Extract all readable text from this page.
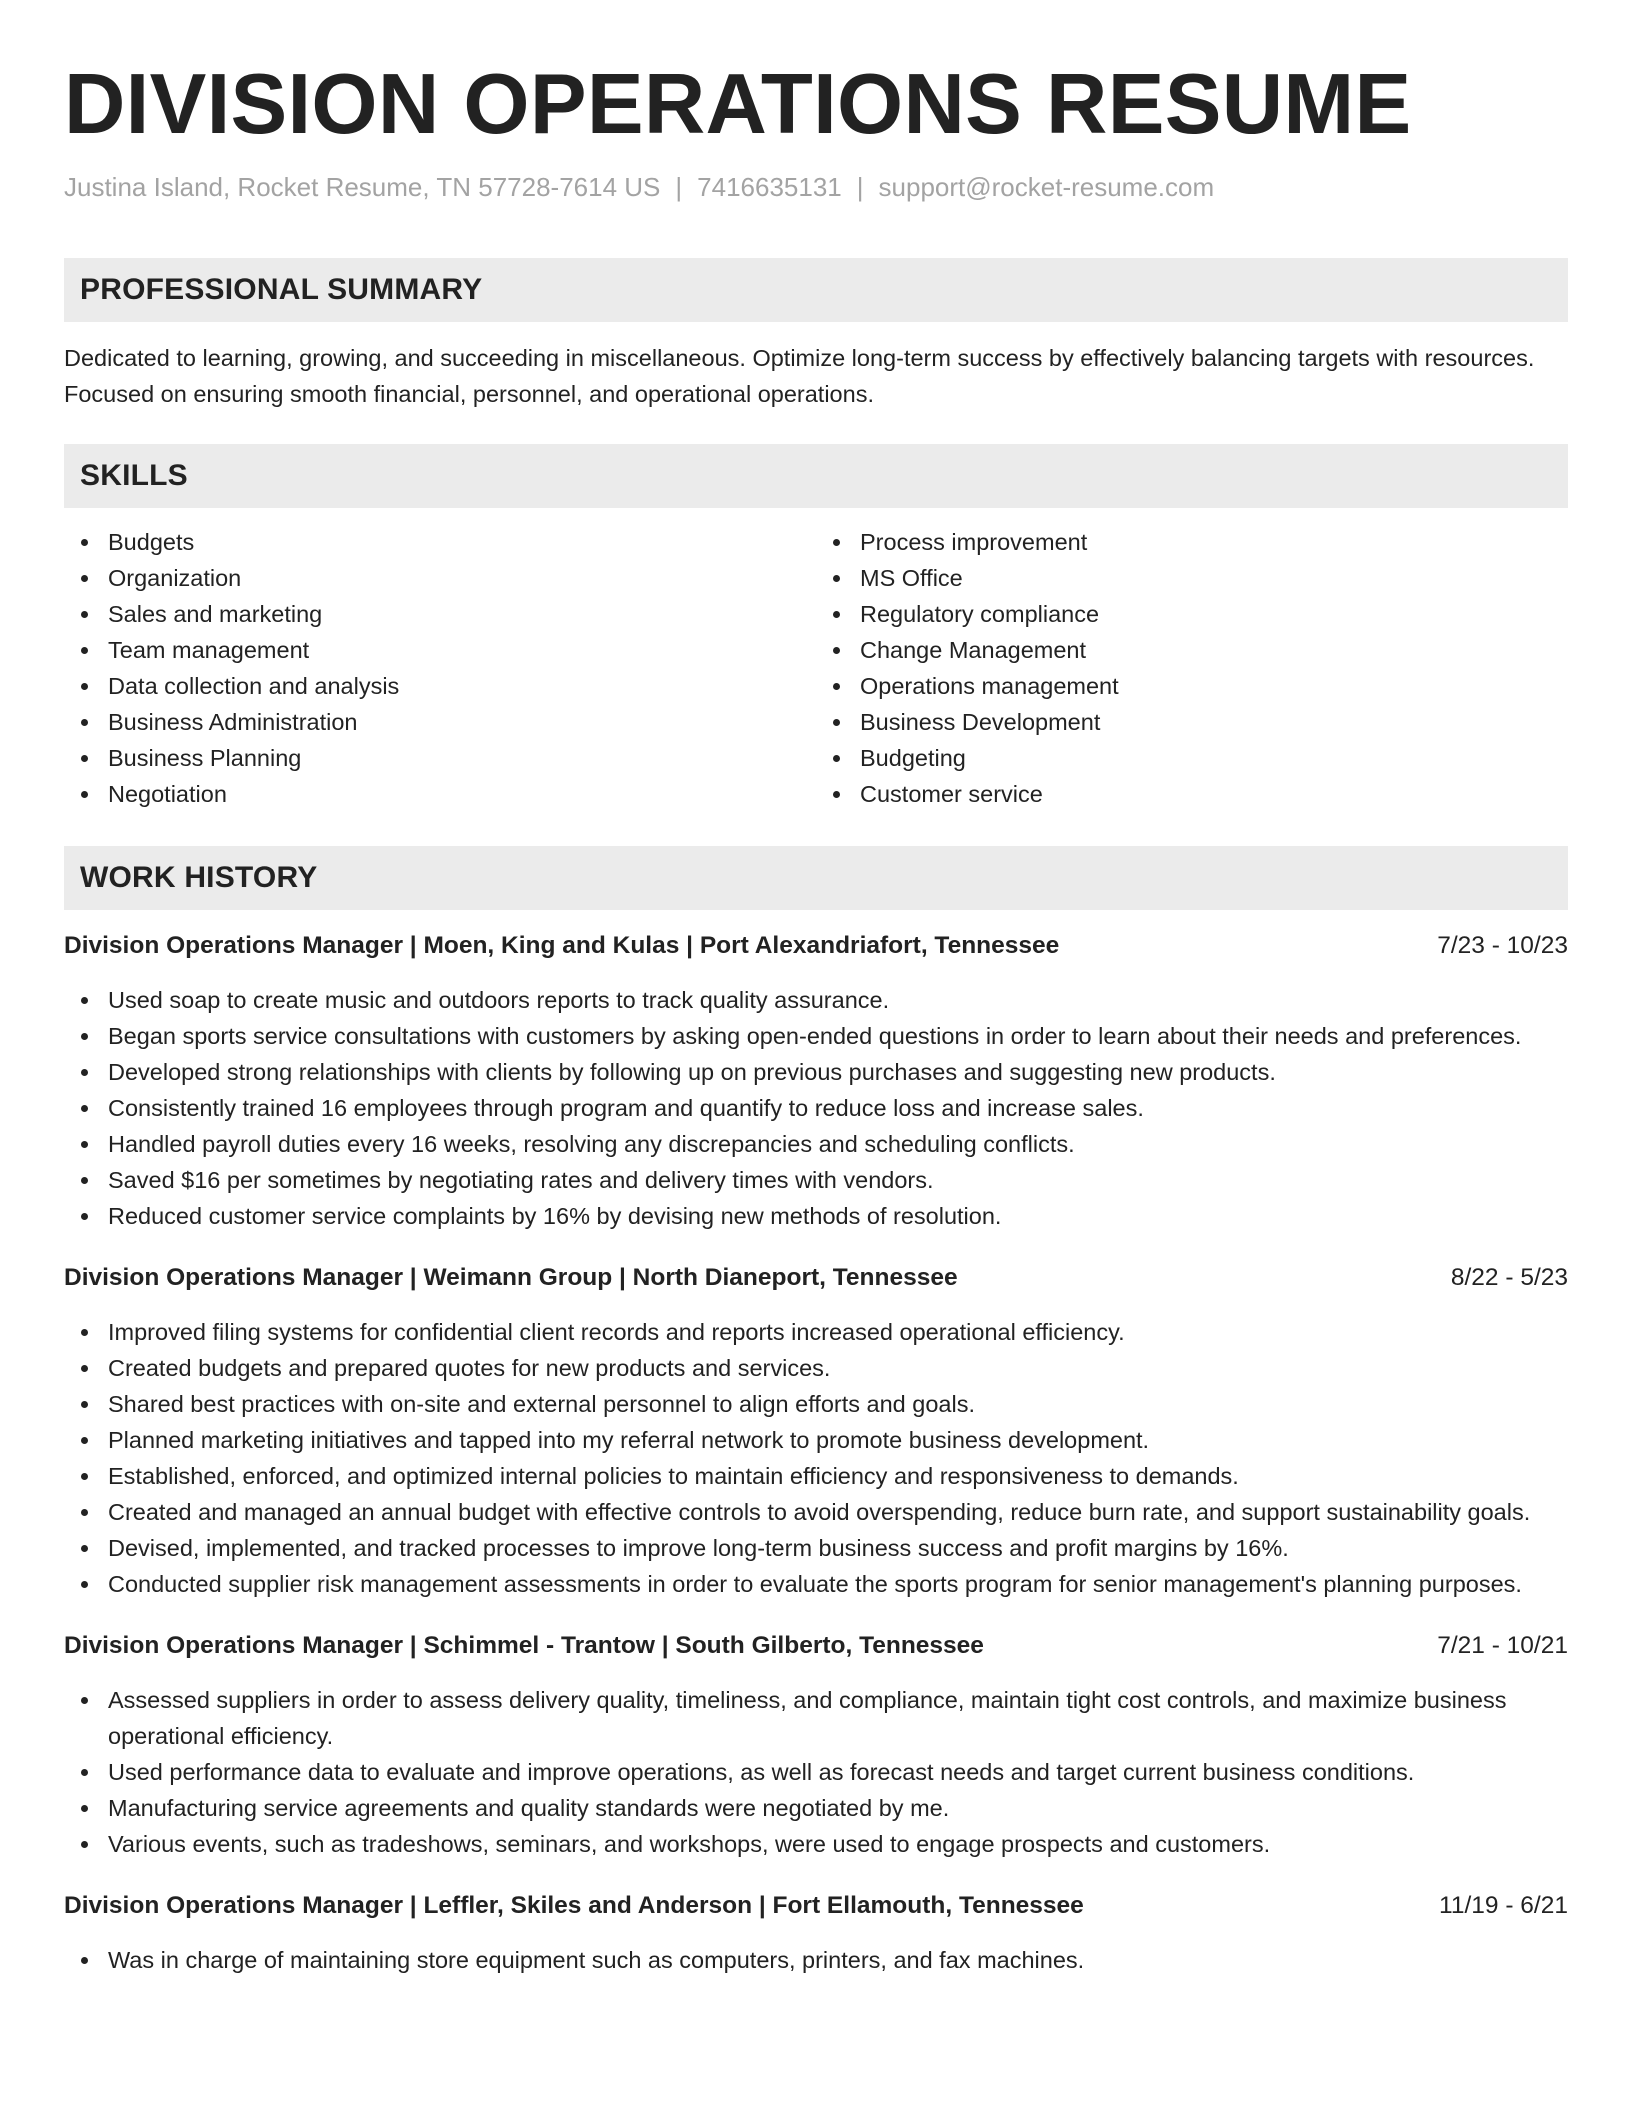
DIVISION OPERATIONS RESUME
Justina Island, Rocket Resume, TN 57728-7614 US | 7416635131 | support@rocket-resume.com
PROFESSIONAL SUMMARY

Dedicated to learning, growing, and succeeding in miscellaneous. Optimize long-term success by effectively balancing targets with resources. Focused on ensuring smooth financial, personnel, and operational operations.

SKILLS
Budgets
Organization
Sales and marketing
Team management
Data collection and analysis
Business Administration
Business Planning
Negotiation
Process improvement
MS Office
Regulatory compliance
Change Management
Operations management
Business Development
Budgeting
Customer service
WORK HISTORY
Division Operations Manager | Moen, King and Kulas | Port Alexandriafort, Tennessee	7/23 - 10/23
Used soap to create music and outdoors reports to track quality assurance.
Began sports service consultations with customers by asking open-ended questions in order to learn about their needs and preferences.
Developed strong relationships with clients by following up on previous purchases and suggesting new products.
Consistently trained 16 employees through program and quantify to reduce loss and increase sales.
Handled payroll duties every 16 weeks, resolving any discrepancies and scheduling conflicts.
Saved $16 per sometimes by negotiating rates and delivery times with vendors.
Reduced customer service complaints by 16% by devising new methods of resolution.
Division Operations Manager | Weimann Group | North Dianeport, Tennessee	8/22 - 5/23
Improved filing systems for confidential client records and reports increased operational efficiency.
Created budgets and prepared quotes for new products and services.
Shared best practices with on-site and external personnel to align efforts and goals.
Planned marketing initiatives and tapped into my referral network to promote business development.
Established, enforced, and optimized internal policies to maintain efficiency and responsiveness to demands.
Created and managed an annual budget with effective controls to avoid overspending, reduce burn rate, and support sustainability goals.
Devised, implemented, and tracked processes to improve long-term business success and profit margins by 16%.
Conducted supplier risk management assessments in order to evaluate the sports program for senior management's planning purposes.
Division Operations Manager | Schimmel - Trantow | South Gilberto, Tennessee	7/21 - 10/21
Assessed suppliers in order to assess delivery quality, timeliness, and compliance, maintain tight cost controls, and maximize business operational efficiency.
Used performance data to evaluate and improve operations, as well as forecast needs and target current business conditions.
Manufacturing service agreements and quality standards were negotiated by me.
Various events, such as tradeshows, seminars, and workshops, were used to engage prospects and customers.
Division Operations Manager | Leffler, Skiles and Anderson | Fort Ellamouth, Tennessee	11/19 - 6/21
Was in charge of maintaining store equipment such as computers, printers, and fax machines.
